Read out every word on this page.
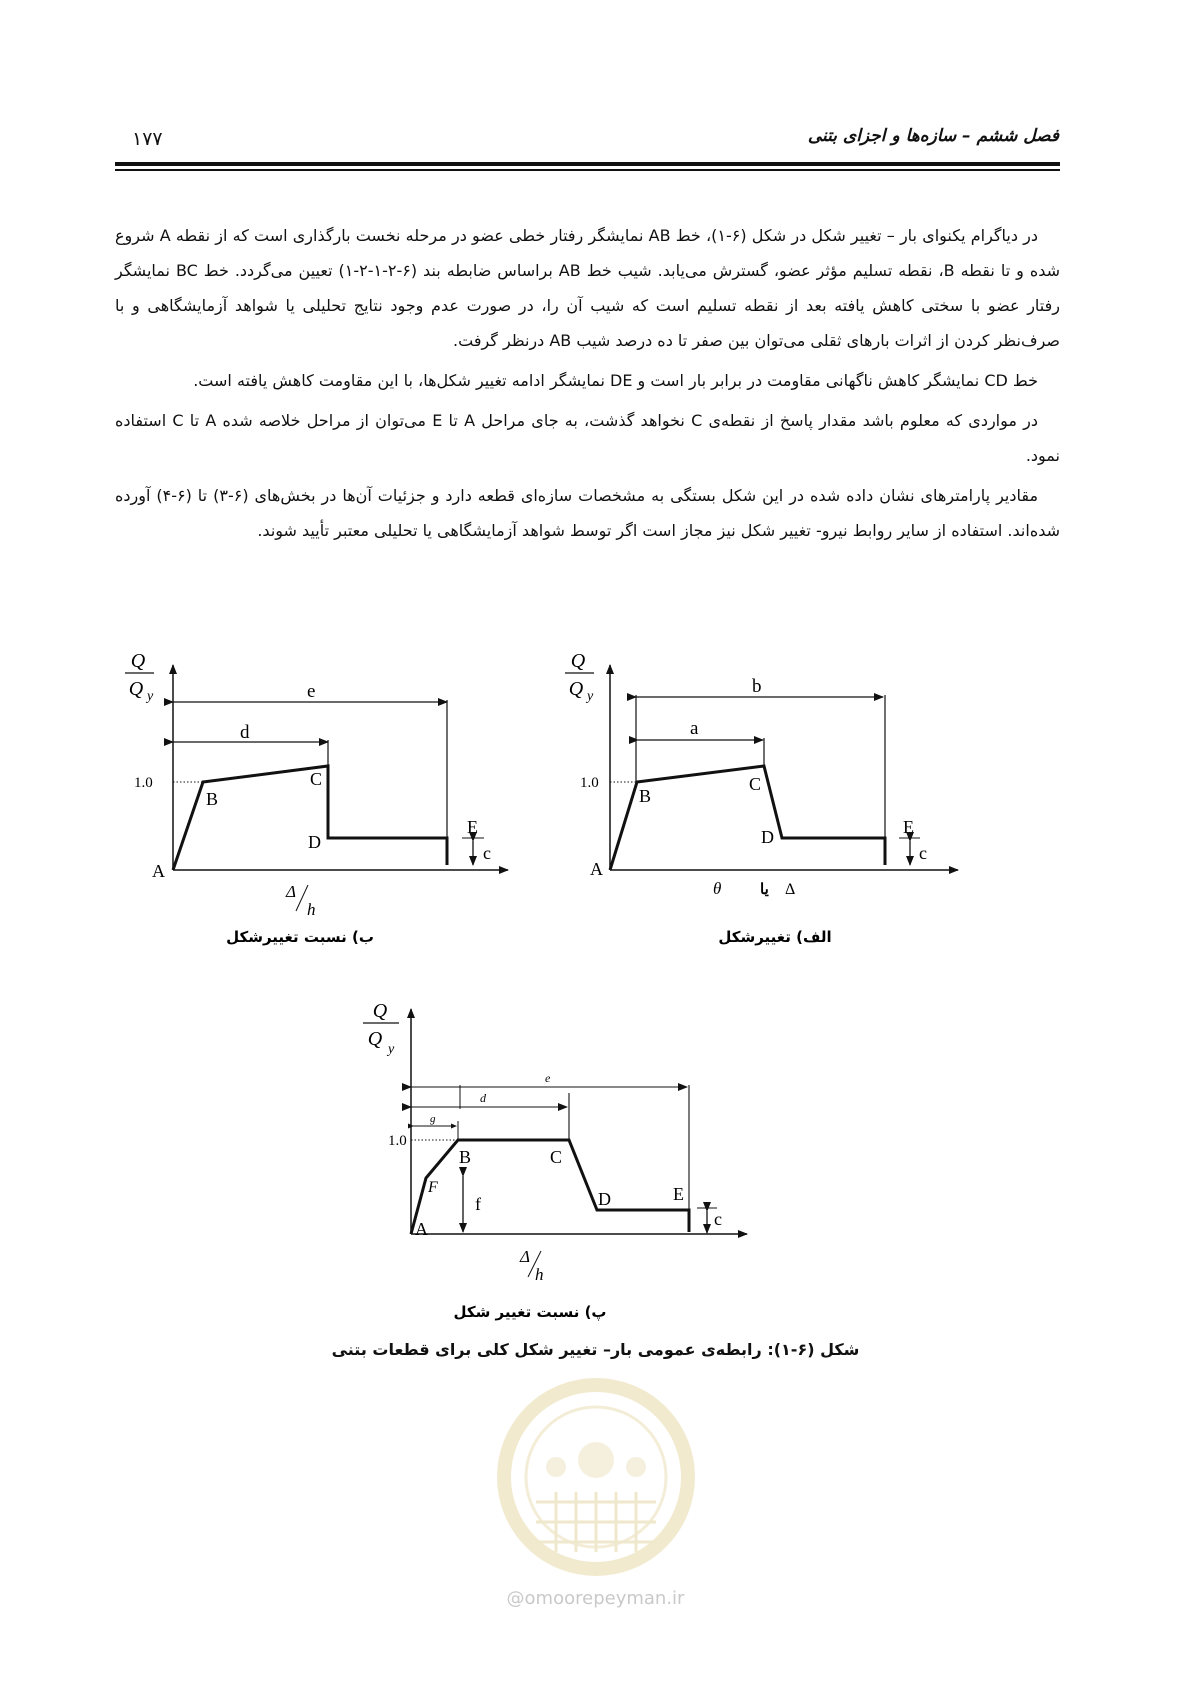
۱۷۷	فصل ششم – سازه‌ها و اجزای بتنی

در دیاگرام یکنوای بار – تغییر شکل در شکل (۶-۱)، خط AB نمایشگر رفتار خطی عضو در مرحله نخست بارگذاری است که از نقطه A شروع شده و تا نقطه B، نقطه تسلیم مؤثر عضو، گسترش می‌یابد. شیب خط AB براساس ضابطه بند (۶-۲-۱-۲-۱) تعیین می‌گردد. خط BC نمایشگر رفتار عضو با سختی کاهش یافته بعد از نقطه تسلیم است که شیب آن را، در صورت عدم وجود نتایج تحلیلی یا شواهد آزمایشگاهی و با صرف‌نظر کردن از اثرات بارهای ثقلی می‌توان بین صفر تا ده درصد شیب AB درنظر گرفت.

خط CD نمایشگر کاهش ناگهانی مقاومت در برابر بار است و DE نمایشگر ادامه تغییر شکل‌ها، با این مقاومت کاهش یافته است.

در مواردی که معلوم باشد مقدار پاسخ از نقطه‌ی C نخواهد گذشت، به جای مراحل A تا E می‌توان از مراحل خلاصه شده A تا C استفاده نمود.

مقادیر پارامترهای نشان داده شده در این شکل بستگی به مشخصات سازه‌ای قطعه دارد و جزئیات آن‌ها در بخش‌های (۶-۳) تا (۶-۴) آورده شده‌اند. استفاده از سایر روابط نیرو- تغییر شکل نیز مجاز است اگر توسط شواهد آزمایشگاهی یا تحلیلی معتبر تأیید شوند.

Q
Q y
1.0
A
B
C
D
E
c
e
d
Δ
h
ب) نسبت تغییرشکل
Q
Q y
1.0
A
B
C
D	E
c
b
a
θ	یا Δ
الف) تغییرشکل
Q
Q y
1.0
A
F
B	C
D	E
f
c
e
d
g
Δ
h
پ) نسبت تغییر شکل
شکل (۶-۱): رابطه‌ی عمومی بار– تغییر شکل کلی برای قطعات بتنی
@omoorepeyman.ir
